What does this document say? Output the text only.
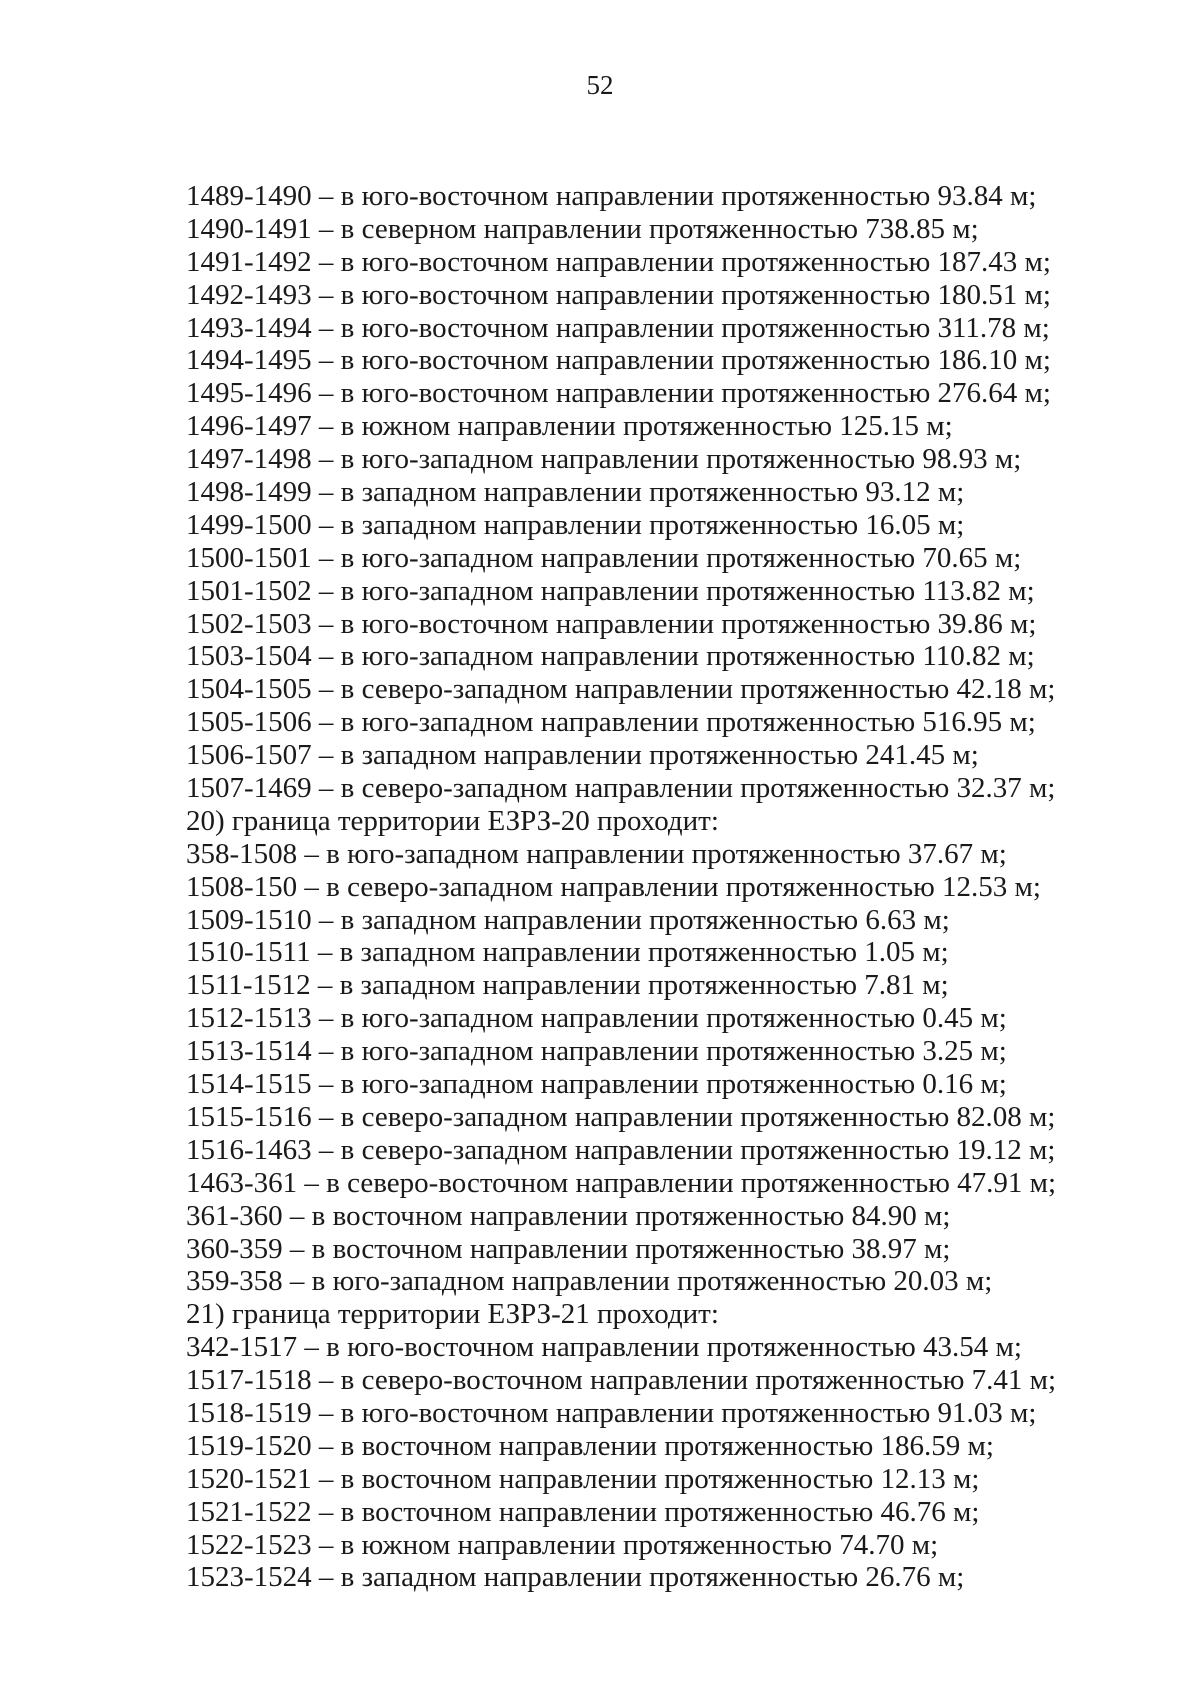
52
1489-1490 – в юго-восточном направлении протяженностью 93.84 м;
1490-1491 – в северном направлении протяженностью 738.85 м;
1491-1492 – в юго-восточном направлении протяженностью 187.43 м;
1492-1493 – в юго-восточном направлении протяженностью 180.51 м;
1493-1494 – в юго-восточном направлении протяженностью 311.78 м;
1494-1495 – в юго-восточном направлении протяженностью 186.10 м;
1495-1496 – в юго-восточном направлении протяженностью 276.64 м;
1496-1497 – в южном направлении протяженностью 125.15 м;
1497-1498 – в юго-западном направлении протяженностью 98.93 м;
1498-1499 – в западном направлении протяженностью 93.12 м;
1499-1500 – в западном направлении протяженностью 16.05 м;
1500-1501 – в юго-западном направлении протяженностью 70.65 м;
1501-1502 – в юго-западном направлении протяженностью 113.82 м;
1502-1503 – в юго-восточном направлении протяженностью 39.86 м;
1503-1504 – в юго-западном направлении протяженностью 110.82 м;
1504-1505 – в северо-западном направлении протяженностью 42.18 м;
1505-1506 – в юго-западном направлении протяженностью 516.95 м;
1506-1507 – в западном направлении протяженностью 241.45 м;
1507-1469 – в северо-западном направлении протяженностью 32.37 м;
20) граница территории ЕЗРЗ-20 проходит:
358-1508 – в юго-западном направлении протяженностью 37.67 м;
1508-150 – в северо-западном направлении протяженностью 12.53 м;
1509-1510 – в западном направлении протяженностью 6.63 м;
1510-1511 – в западном направлении протяженностью 1.05 м;
1511-1512 – в западном направлении протяженностью 7.81 м;
1512-1513 – в юго-западном направлении протяженностью 0.45 м;
1513-1514 – в юго-западном направлении протяженностью 3.25 м;
1514-1515 – в юго-западном направлении протяженностью 0.16 м;
1515-1516 – в северо-западном направлении протяженностью 82.08 м;
1516-1463 – в северо-западном направлении протяженностью 19.12 м;
1463-361 – в северо-восточном направлении протяженностью 47.91 м;
361-360 – в восточном направлении протяженностью 84.90 м;
360-359 – в восточном направлении протяженностью 38.97 м;
359-358 – в юго-западном направлении протяженностью 20.03 м;
21) граница территории ЕЗРЗ-21 проходит:
342-1517 – в юго-восточном направлении протяженностью 43.54 м;
1517-1518 – в северо-восточном направлении протяженностью 7.41 м;
1518-1519 – в юго-восточном направлении протяженностью 91.03 м;
1519-1520 – в восточном направлении протяженностью 186.59 м;
1520-1521 – в восточном направлении протяженностью 12.13 м;
1521-1522 – в восточном направлении протяженностью 46.76 м;
1522-1523 – в южном направлении протяженностью 74.70 м;
1523-1524 – в западном направлении протяженностью 26.76 м;
